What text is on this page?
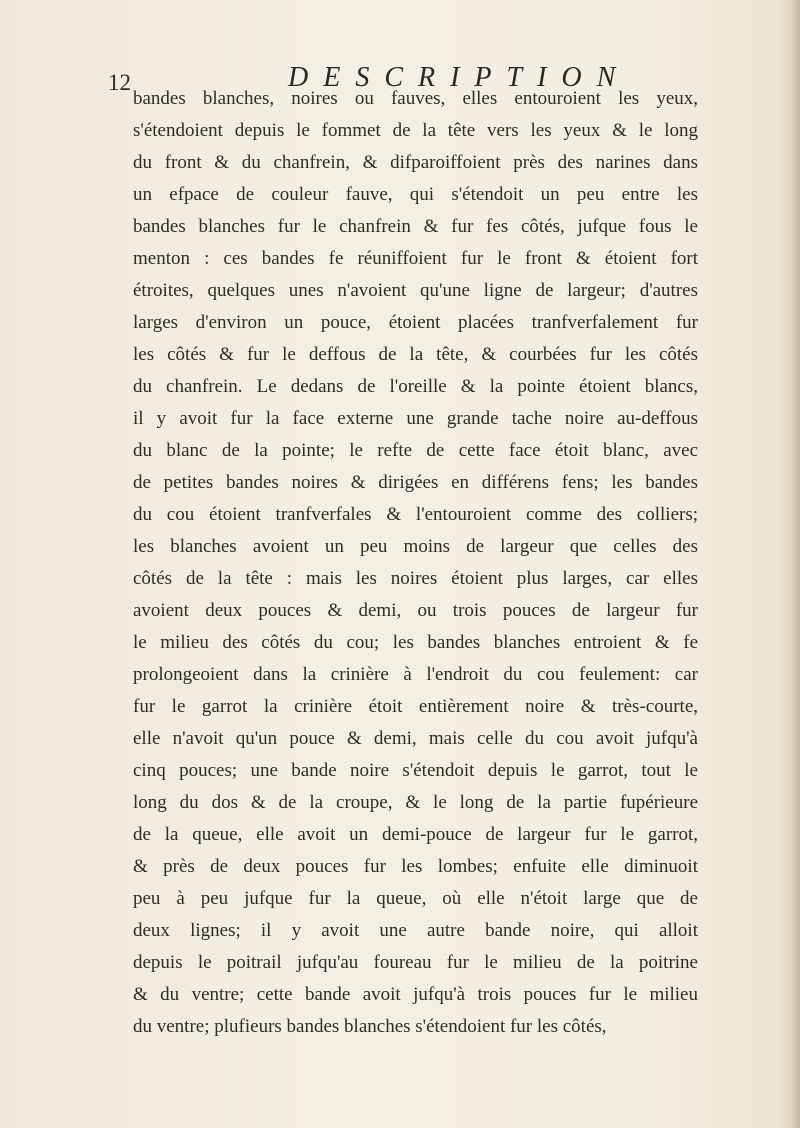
12	DESCRIPTION
bandes blanches, noires ou fauves, elles entouroient les yeux,
s'étendoient depuis le fommet de la tête vers les yeux & le long
du front & du chanfrein, & difparoiffoient près des narines dans
un efpace de couleur fauve, qui s'étendoit un peu entre les
bandes blanches fur le chanfrein & fur fes côtés, jufque fous le
menton : ces bandes fe réuniffoient fur le front & étoient fort
étroites, quelques unes n'avoient qu'une ligne de largeur; d'autres
larges d'environ un pouce, étoient placées tranfverfalement fur
les côtés & fur le deffous de la tête, & courbées fur les côtés
du chanfrein. Le dedans de l'oreille & la pointe étoient blancs,
il y avoit fur la face externe une grande tache noire au-deffous
du blanc de la pointe; le refte de cette face étoit blanc, avec
de petites bandes noires & dirigées en différens fens; les bandes
du cou étoient tranfverfales & l'entouroient comme des colliers;
les blanches avoient un peu moins de largeur que celles des
côtés de la tête : mais les noires étoient plus larges, car elles
avoient deux pouces & demi, ou trois pouces de largeur fur
le milieu des côtés du cou; les bandes blanches entroient & fe
prolongeoient dans la crinière à l'endroit du cou feulement: car
fur le garrot la crinière étoit entièrement noire & très-courte,
elle n'avoit qu'un pouce & demi, mais celle du cou avoit jufqu'à
cinq pouces; une bande noire s'étendoit depuis le garrot, tout le
long du dos & de la croupe, & le long de la partie fupérieure
de la queue, elle avoit un demi-pouce de largeur fur le garrot,
& près de deux pouces fur les lombes; enfuite elle diminuoit
peu à peu jufque fur la queue, où elle n'étoit large que de
deux lignes; il y avoit une autre bande noire, qui alloit
depuis le poitrail jufqu'au foureau fur le milieu de la poitrine
& du ventre; cette bande avoit jufqu'à trois pouces fur le milieu
du ventre; plufieurs bandes blanches s'étendoient fur les côtés,
